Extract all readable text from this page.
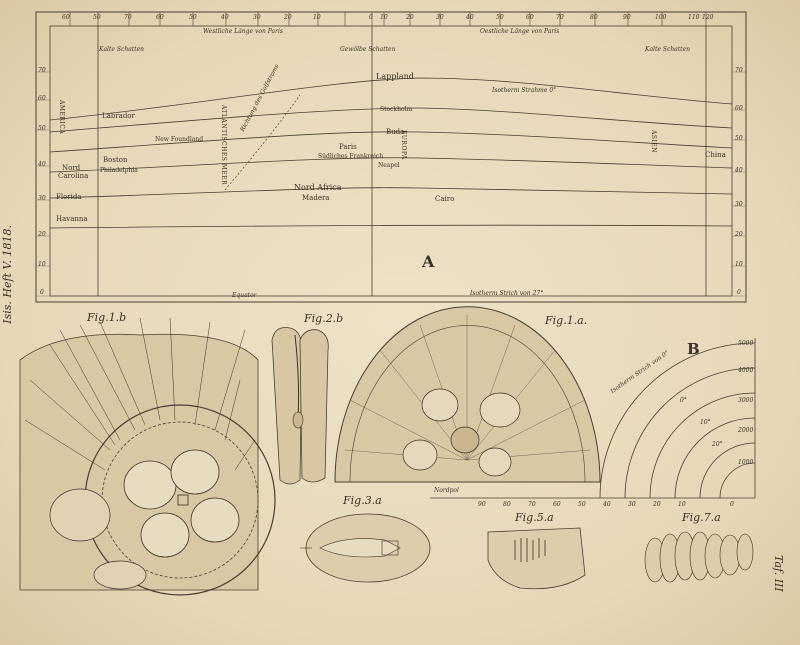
60	50	70	60	50	40	30	20	10	0 10	20	30	40	50	60	70	80	90	100	110 120
Westliche Länge von Paris	Oestliche Länge von Paris
Kalte Schatten	Gewölbe Schatten	Kalte Schatten
70
60
50
40
30
20
10
0
70
60
50
40
30
20
10
0
AMERICA	ATLANTISCHES MEER	EUROPA	ASIEN
Richtung des Golfstroms
Labrador
New Foundland
Nord
Carolina
Boston
Philadelphia
Florida
Havanna
Lappland
Stockholm
Buda
Paris
Südliches Frankreich
Neapel
Nord Africa
Madera	Cairo
China
Isotherm Strahme 0°
Equator	Isotherm Strich von 27°
A
Fig.1.b	Fig.2.b	Fig.1.a.
Fig.3.a
Fig.5.a	Fig.7.a
B	5000
4000
3000
2000
1000
Isotherm Strich von 0°
0°
10°
20°
Nordpol
90	80	70	60	50	40	30	20	10	0
Isis. Heft V. 1818.
Taf. III
